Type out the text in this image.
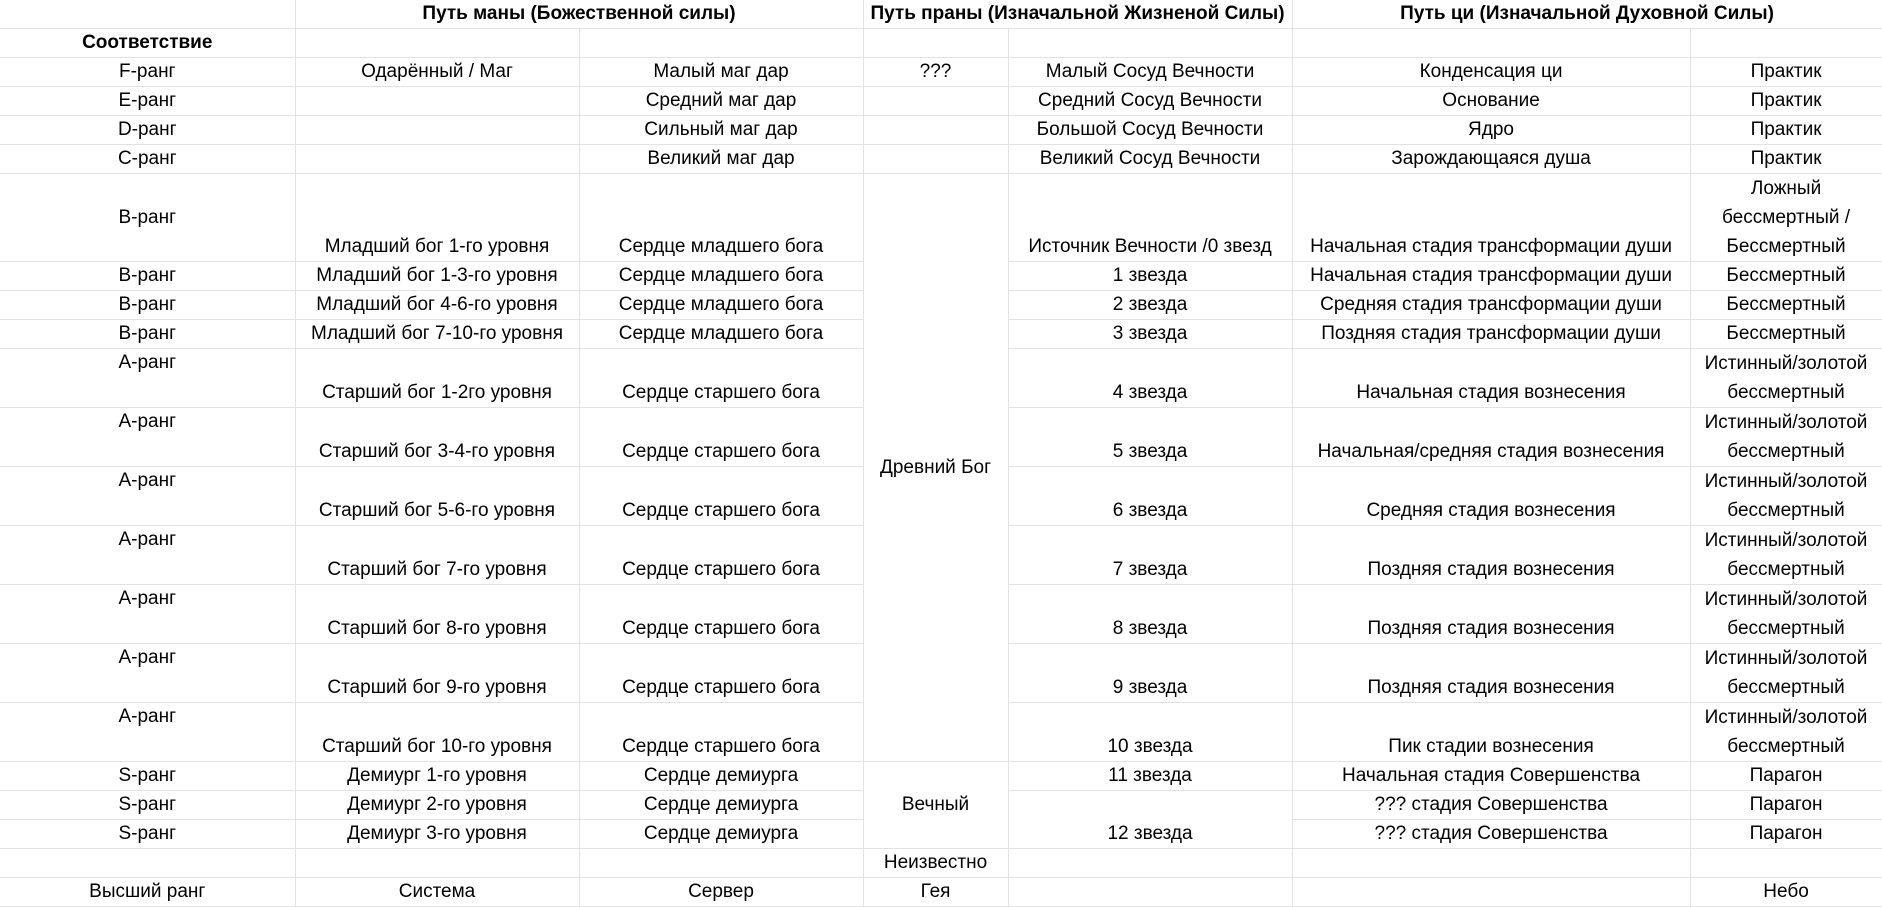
	Путь маны (Божественной силы)		Путь праны (Изначальной Жизненой Силы)		Путь ци (Изначальной Духовной Силы)	
Соответствие						
F-ранг	Одарённый / Маг	Малый маг дар	???	Малый Сосуд Вечности	Конденсация ци	Практик
E-ранг		Средний маг дар		Средний Сосуд Вечности	Основание	Практик
D-ранг		Сильный маг дар		Большой Сосуд Вечности	Ядро	Практик
C-ранг		Великий маг дар		Великий Сосуд Вечности	Зарождающаяся душа	Практик
B-ранг	Младший бог 1-го уровня	Сердце младшего бога	Древний Бог	Источник Вечности /0 звезд	Начальная стадия трансформации души	Ложный бессмертный / Бессмертный
B-ранг	Младший бог 1-3-го уровня	Сердце младшего бога		1 звезда	Начальная стадия трансформации души	Бессмертный
B-ранг	Младший бог 4-6-го уровня	Сердце младшего бога		2 звезда	Средняя стадия трансформации души	Бессмертный
B-ранг	Младший бог 7-10-го уровня	Сердце младшего бога		3 звезда	Поздняя стадия трансформации души	Бессмертный
A-ранг	Старший бог 1-2го уровня	Сердце старшего бога		4 звезда	Начальная стадия вознесения	Истинный/золотой бессмертный
A-ранг	Старший бог 3-4-го уровня	Сердце старшего бога		5 звезда	Начальная/средняя стадия вознесения	Истинный/золотой бессмертный
A-ранг	Старший бог 5-6-го уровня	Сердце старшего бога		6 звезда	Средняя стадия вознесения	Истинный/золотой бессмертный
A-ранг	Старший бог 7-го уровня	Сердце старшего бога		7 звезда	Поздняя стадия вознесения	Истинный/золотой бессмертный
A-ранг	Старший бог 8-го уровня	Сердце старшего бога		8 звезда	Поздняя стадия вознесения	Истинный/золотой бессмертный
A-ранг	Старший бог 9-го уровня	Сердце старшего бога		9 звезда	Поздняя стадия вознесения	Истинный/золотой бессмертный
A-ранг	Старший бог 10-го уровня	Сердце старшего бога		10 звезда	Пик стадии вознесения	Истинный/золотой бессмертный
S-ранг	Демиург 1-го уровня	Сердце демиурга	Вечный	11 звезда	Начальная стадия Совершенства	Парагон
S-ранг	Демиург 2-го уровня	Сердце демиурга		12 звезда	??? стадия Совершенства	Парагон
S-ранг	Демиург 3-го уровня	Сердце демиурга			??? стадия Совершенства	Парагон
			Неизвестно			
Высший ранг	Система	Сервер	Гея			Небо
